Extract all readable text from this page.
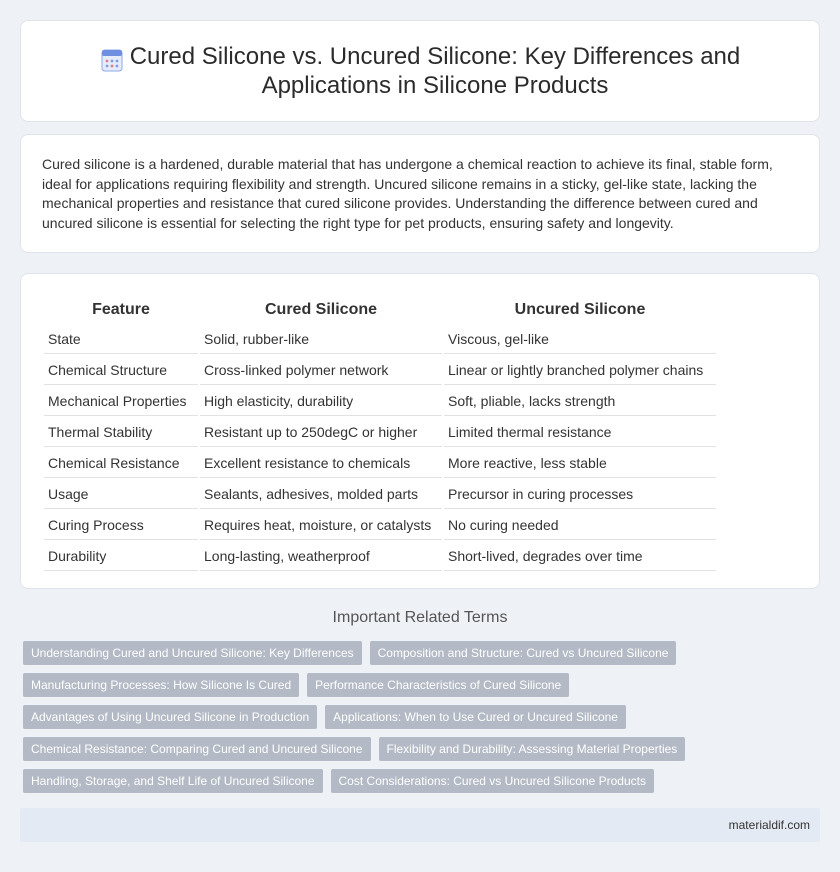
Cured Silicone vs. Uncured Silicone: Key Differences and Applications in Silicone Products

Cured silicone is a hardened, durable material that has undergone a chemical reaction to achieve its final, stable form, ideal for applications requiring flexibility and strength. Uncured silicone remains in a sticky, gel-like state, lacking the mechanical properties and resistance that cured silicone provides. Understanding the difference between cured and uncured silicone is essential for selecting the right type for pet products, ensuring safety and longevity.

Feature	Cured Silicone	Uncured Silicone
State	Solid, rubber-like	Viscous, gel-like
Chemical Structure	Cross-linked polymer network	Linear or lightly branched polymer chains
Mechanical Properties	High elasticity, durability	Soft, pliable, lacks strength
Thermal Stability	Resistant up to 250degC or higher	Limited thermal resistance
Chemical Resistance	Excellent resistance to chemicals	More reactive, less stable
Usage	Sealants, adhesives, molded parts	Precursor in curing processes
Curing Process	Requires heat, moisture, or catalysts	No curing needed
Durability	Long-lasting, weatherproof	Short-lived, degrades over time
Important Related Terms
Understanding Cured and Uncured Silicone: Key Differences	Composition and Structure: Cured vs Uncured Silicone
Manufacturing Processes: How Silicone Is Cured	Performance Characteristics of Cured Silicone
Advantages of Using Uncured Silicone in Production	Applications: When to Use Cured or Uncured Silicone
Chemical Resistance: Comparing Cured and Uncured Silicone	Flexibility and Durability: Assessing Material Properties
Handling, Storage, and Shelf Life of Uncured Silicone	Cost Considerations: Cured vs Uncured Silicone Products
materialdif.com
